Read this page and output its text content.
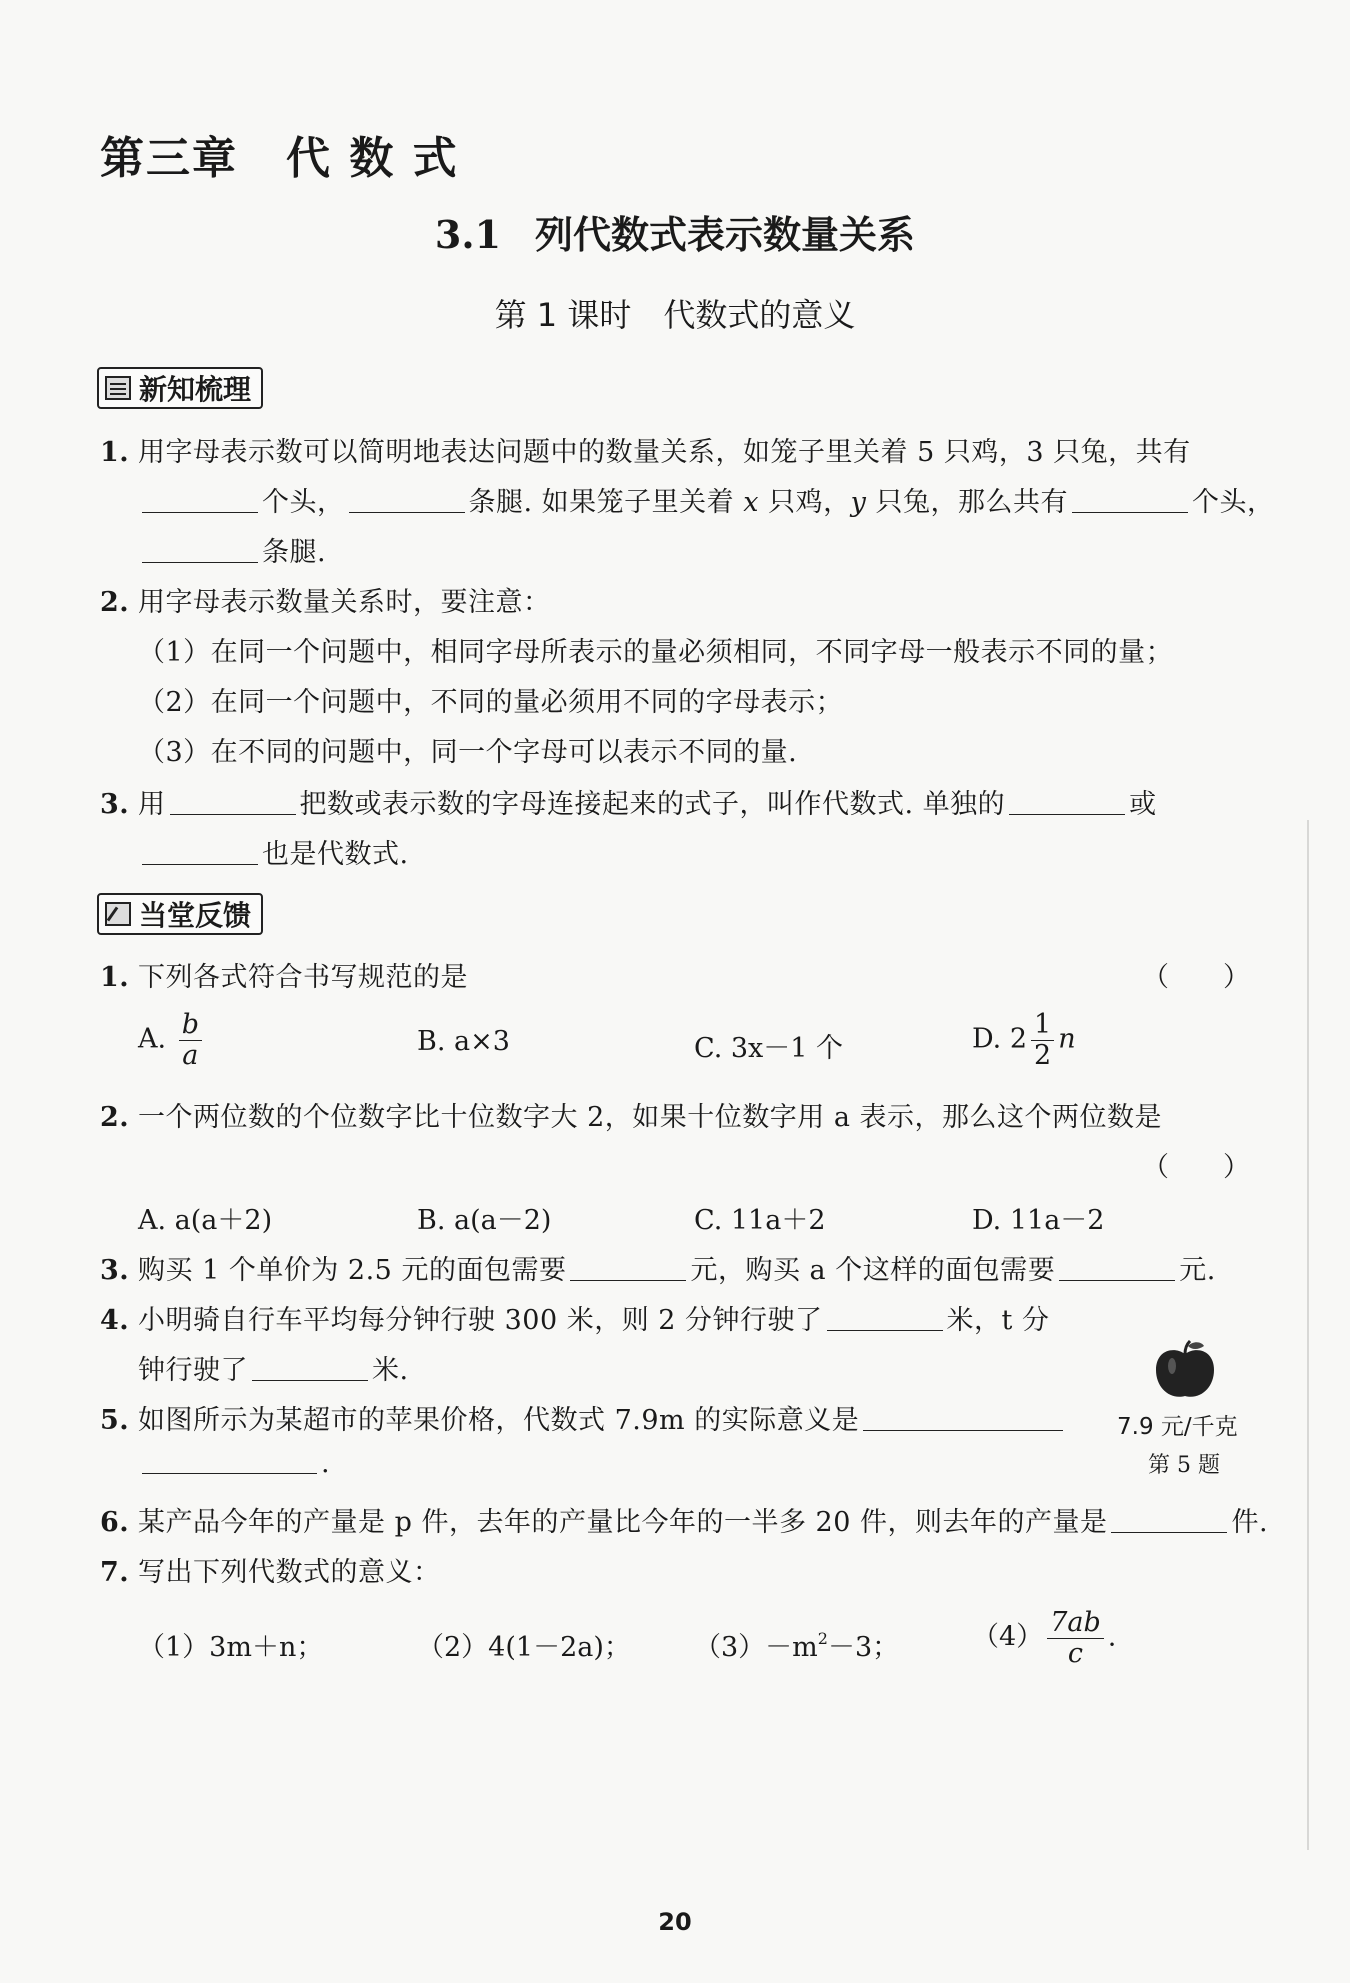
第三章 代 数 式
3.1 列代数式表示数量关系
第 1 课时 代数式的意义
新知梳理
1. 用字母表示数可以简明地表达问题中的数量关系，如笼子里关着 5 只鸡，3 只兔，共有
个头，	条腿. 如果笼子里关着 x 只鸡，y 只兔，那么共有	个头，
条腿.
2. 用字母表示数量关系时，要注意：
（1）在同一个问题中，相同字母所表示的量必须相同，不同字母一般表示不同的量；
（2）在同一个问题中，不同的量必须用不同的字母表示；
（3）在不同的问题中，同一个字母可以表示不同的量.
3. 用	把数或表示数的字母连接起来的式子，叫作代数式. 单独的	或
也是代数式.
当堂反馈
1. 下列各式符合书写规范的是	（　　）
A. $\frac{b}{a}$	B. a×3	C. 3x－1 个	D. $2 \frac{1}{2}$ n
2. 一个两位数的个位数字比十位数字大 2，如果十位数字用 a 表示，那么这个两位数是
（　　）
A. a(a＋2)	B. a(a－2)	C. 11a＋2	D. 11a－2
3. 购买 1 个单价为 2.5 元的面包需要	元，购买 a 个这样的面包需要	元.
4. 小明骑自行车平均每分钟行驶 300 米，则 2 分钟行驶了	米，t 分
钟行驶了	米.
5. 如图所示为某超市的苹果价格，代数式 7.9m 的实际意义是
.
7.9 元/千克
第 5 题
6. 某产品今年的产量是 p 件，去年的产量比今年的一半多 20 件，则去年的产量是	件.
7. 写出下列代数式的意义：
（1）3m＋n；	（2）4(1－2a)； $(3)-m^2-3$；	$(4) \frac{7ab}{c}$ .
20
